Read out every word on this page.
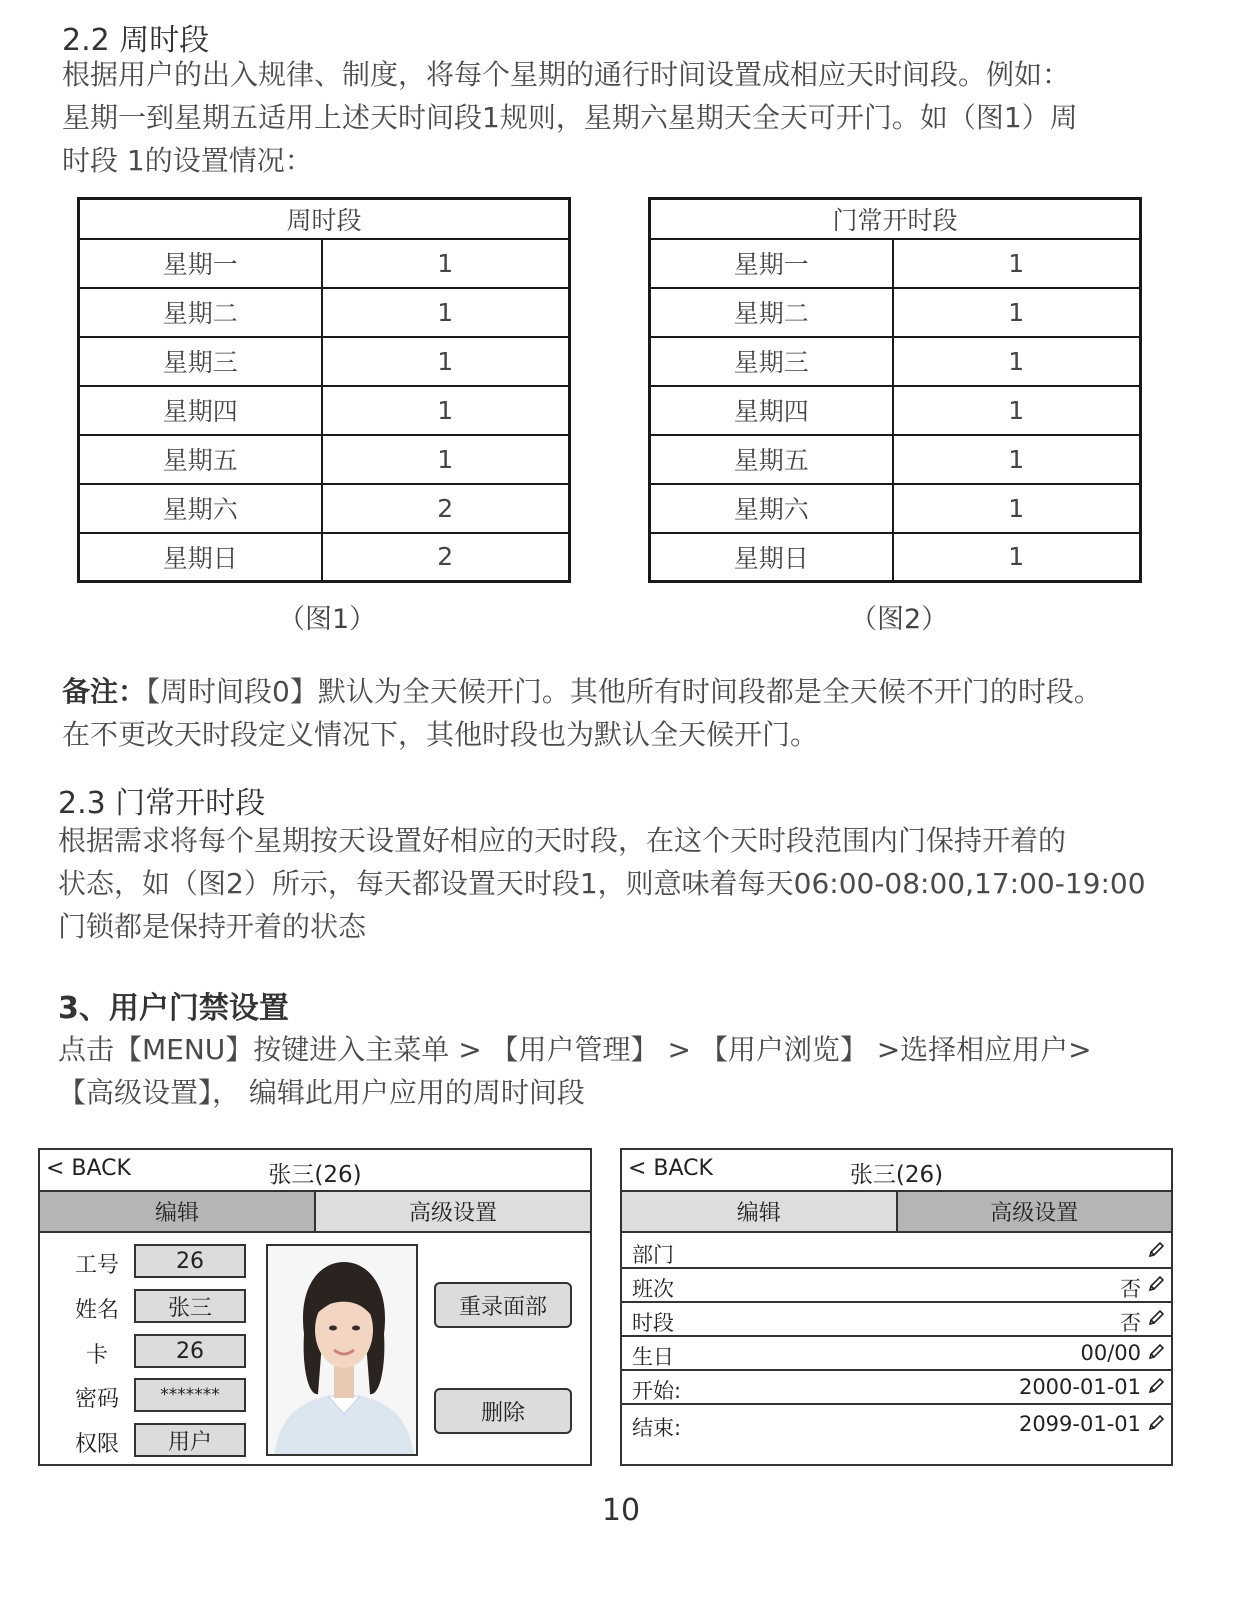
2.2 周时段
根据用户的出入规律、制度，将每个星期的通行时间设置成相应天时间段。例如：
星期一到星期五适用上述天时间段1规则，星期六星期天全天可开门。如（图1）周
时段 1的设置情况：
周时段	
星期一	1
星期二	1
星期三	1
星期四	1
星期五	1
星期六	2
星期日	2
（图1）
门常开时段	
星期一	1
星期二	1
星期三	1
星期四	1
星期五	1
星期六	1
星期日	1
（图2）
备注：【周时间段0】默认为全天候开门。其他所有时间段都是全天候不开门的时段。
在不更改天时段定义情况下，其他时段也为默认全天候开门。
2.3 门常开时段
根据需求将每个星期按天设置好相应的天时段，在这个天时段范围内门保持开着的
状态，如（图2）所示，每天都设置天时段1，则意味着每天06:00-08:00,17:00-19:00
门锁都是保持开着的状态
3、用户门禁设置
点击【MENU】按键进入主菜单 > 【用户管理】 > 【用户浏览】 >选择相应用户>
【高级设置】， 编辑此用户应用的周时间段
< BACK	张三(26)
编辑	高级设置
工号	26
姓名	张三
卡	26
密码	*******
权限	用户
重录面部
删除
< BACK	张三(26)
编辑	高级设置
部门
班次	否
时段	否
生日	00/00
开始:	2000-01-01
结束:	2099-01-01
10
